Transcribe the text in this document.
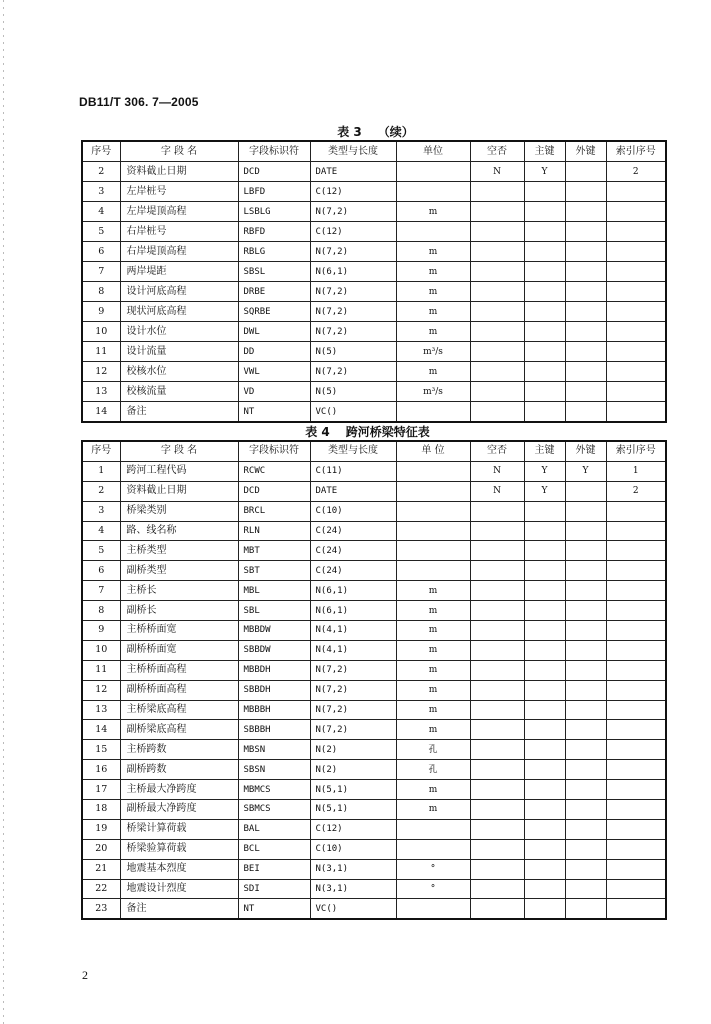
DB11/T 306. 7—2005
表 3 （续）
序号	字 段 名	字段标识符	类型与长度	单位	空否	主键	外键	索引序号
2	资料截止日期	DCD	DATE		N	Y		2
3	左岸桩号	LBFD	C(12)					
4	左岸堤顶高程	LSBLG	N(7,2)	m				
5	右岸桩号	RBFD	C(12)					
6	右岸堤顶高程	RBLG	N(7,2)	m				
7	两岸堤距	SBSL	N(6,1)	m				
8	设计河底高程	DRBE	N(7,2)	m				
9	现状河底高程	SQRBE	N(7,2)	m				
10	设计水位	DWL	N(7,2)	m				
11	设计流量	DD	N(5)	m³/s				
12	校核水位	VWL	N(7,2)	m				
13	校核流量	VD	N(5)	m³/s				
14	备注	NT	VC()					
表 4 跨河桥梁特征表
序号	字 段 名	字段标识符	类型与长度	单 位	空否	主键	外键	索引序号
1	跨河工程代码	RCWC	C(11)		N	Y	Y	1
2	资料截止日期	DCD	DATE		N	Y		2
3	桥梁类别	BRCL	C(10)					
4	路、线名称	RLN	C(24)					
5	主桥类型	MBT	C(24)					
6	副桥类型	SBT	C(24)					
7	主桥长	MBL	N(6,1)	m				
8	副桥长	SBL	N(6,1)	m				
9	主桥桥面宽	MBBDW	N(4,1)	m				
10	副桥桥面宽	SBBDW	N(4,1)	m				
11	主桥桥面高程	MBBDH	N(7,2)	m				
12	副桥桥面高程	SBBDH	N(7,2)	m				
13	主桥梁底高程	MBBBH	N(7,2)	m				
14	副桥梁底高程	SBBBH	N(7,2)	m				
15	主桥跨数	MBSN	N(2)	孔				
16	副桥跨数	SBSN	N(2)	孔				
17	主桥最大净跨度	MBMCS	N(5,1)	m				
18	副桥最大净跨度	SBMCS	N(5,1)	m				
19	桥梁计算荷载	BAL	C(12)					
20	桥梁验算荷载	BCL	C(10)					
21	地震基本烈度	BEI	N(3,1)	°				
22	地震设计烈度	SDI	N(3,1)	°				
23	备注	NT	VC()					
2
